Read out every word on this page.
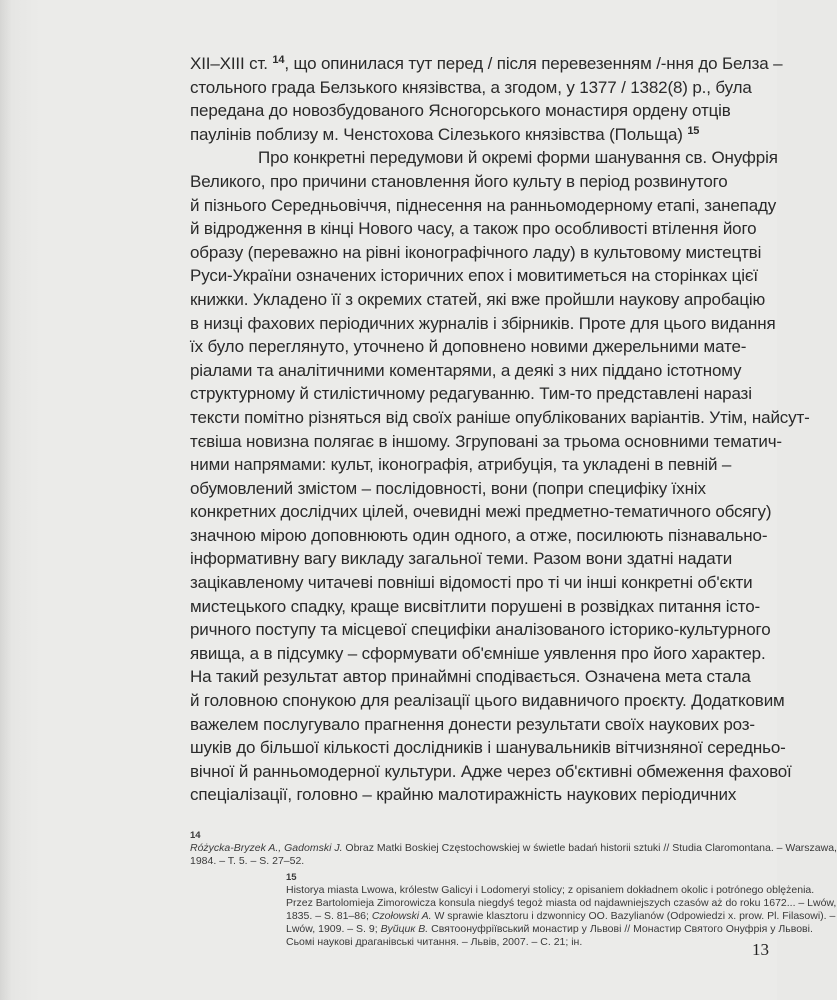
XII–XIII ст. $^{14}$, що опинилася тут перед / після перевезенням /-ння до Белза –
стольного града Белзького князівства, а згодом, у 1377 / 1382(8) р., була
передана до новозбудованого Ясногорського монастиря ордену отців
паулінів поблизу м. Ченстохова Сілезького князівства (Польща) $^{15}$

Про конкретні передумови й окремі форми шанування св. Онуфрія
Великого, про причини становлення його культу в період розвинутого
й пізнього Середньовіччя, піднесення на ранньомодерному етапі, занепаду
й відродження в кінці Нового часу, а також про особливості втілення його
образу (переважно на рівні іконографічного ладу) в культовому мистецтві
Руси-України означених історичних епох і мовитиметься на сторінках цієї
книжки. Укладено її з окремих статей, які вже пройшли наукову апробацію
в низці фахових періодичних журналів і збірників. Проте для цього видання
їх було переглянуто, уточнено й доповнено новими джерельними мате-
ріалами та аналітичними коментарями, а деякі з них піддано істотному
структурному й стилістичному редагуванню. Тим-то представлені наразі
тексти помітно різняться від своїх раніше опублікованих варіантів. Утім, найсут-
тєвіша новизна полягає в іншому. Згруповані за трьома основними тематич-
ними напрямами: культ, іконографія, атрибуція, та укладені в певній –
обумовлений змістом – послідовності, вони (попри специфіку їхніх
конкретних дослідчих цілей, очевидні межі предметно-тематичного обсягу)
значною мірою доповнюють один одного, а отже, посилюють пізнавально-
інформативну вагу викладу загальної теми. Разом вони здатні надати
зацікавленому читачеві повніші відомості про ті чи інші конкретні об'єкти
мистецького спадку, краще висвітлити порушені в розвідках питання істо-
ричного поступу та місцевої специфіки аналізованого історико-культурного
явища, а в підсумку – сформувати об'ємніше уявлення про його характер.
На такий результат автор принаймні сподівається. Означена мета стала
й головною спонукою для реалізації цього видавничого проєкту. Додатковим
важелем послугувало прагнення донести результати своїх наукових роз-
шуків до більшої кількості дослідників і шанувальників вітчизняної середньо-
вічної й ранньомодерної культури. Адже через об'єктивні обмеження фахової
спеціалізації, головно – крайню малотиражність наукових періодичних

14
Różycka-Bryzek A., Gadomski J. Obraz Matki Boskiej Częstochowskiej w świetle badań historii sztuki // Studia Claromontana. – Warszawa,
1984. – T. 5. – S. 27–52.
15
Historya miasta Lwowa, królestw Galicyi i Lodomeryi stolicy; z opisaniem dokładnem okolic i potrónego oblężenia.
Przez Bartolomieja Zimorowicza konsula niegdyś tegoż miasta od najdawniejszych czasów aż do roku 1672... – Lwów,
1835. – S. 81–86; Czołowski A. W sprawie klasztoru i dzwonnicy OO. Bazylianów (Odpowiedzi x. prow. Pl. Filasowi). –
Lwów, 1909. – S. 9; Вуйцик В. Святоонуфріївський монастир у Львові // Монастир Святого Онуфрія у Львові.
Сьомі наукові драганівські читання. – Львів, 2007. – С. 21; ін.	13
